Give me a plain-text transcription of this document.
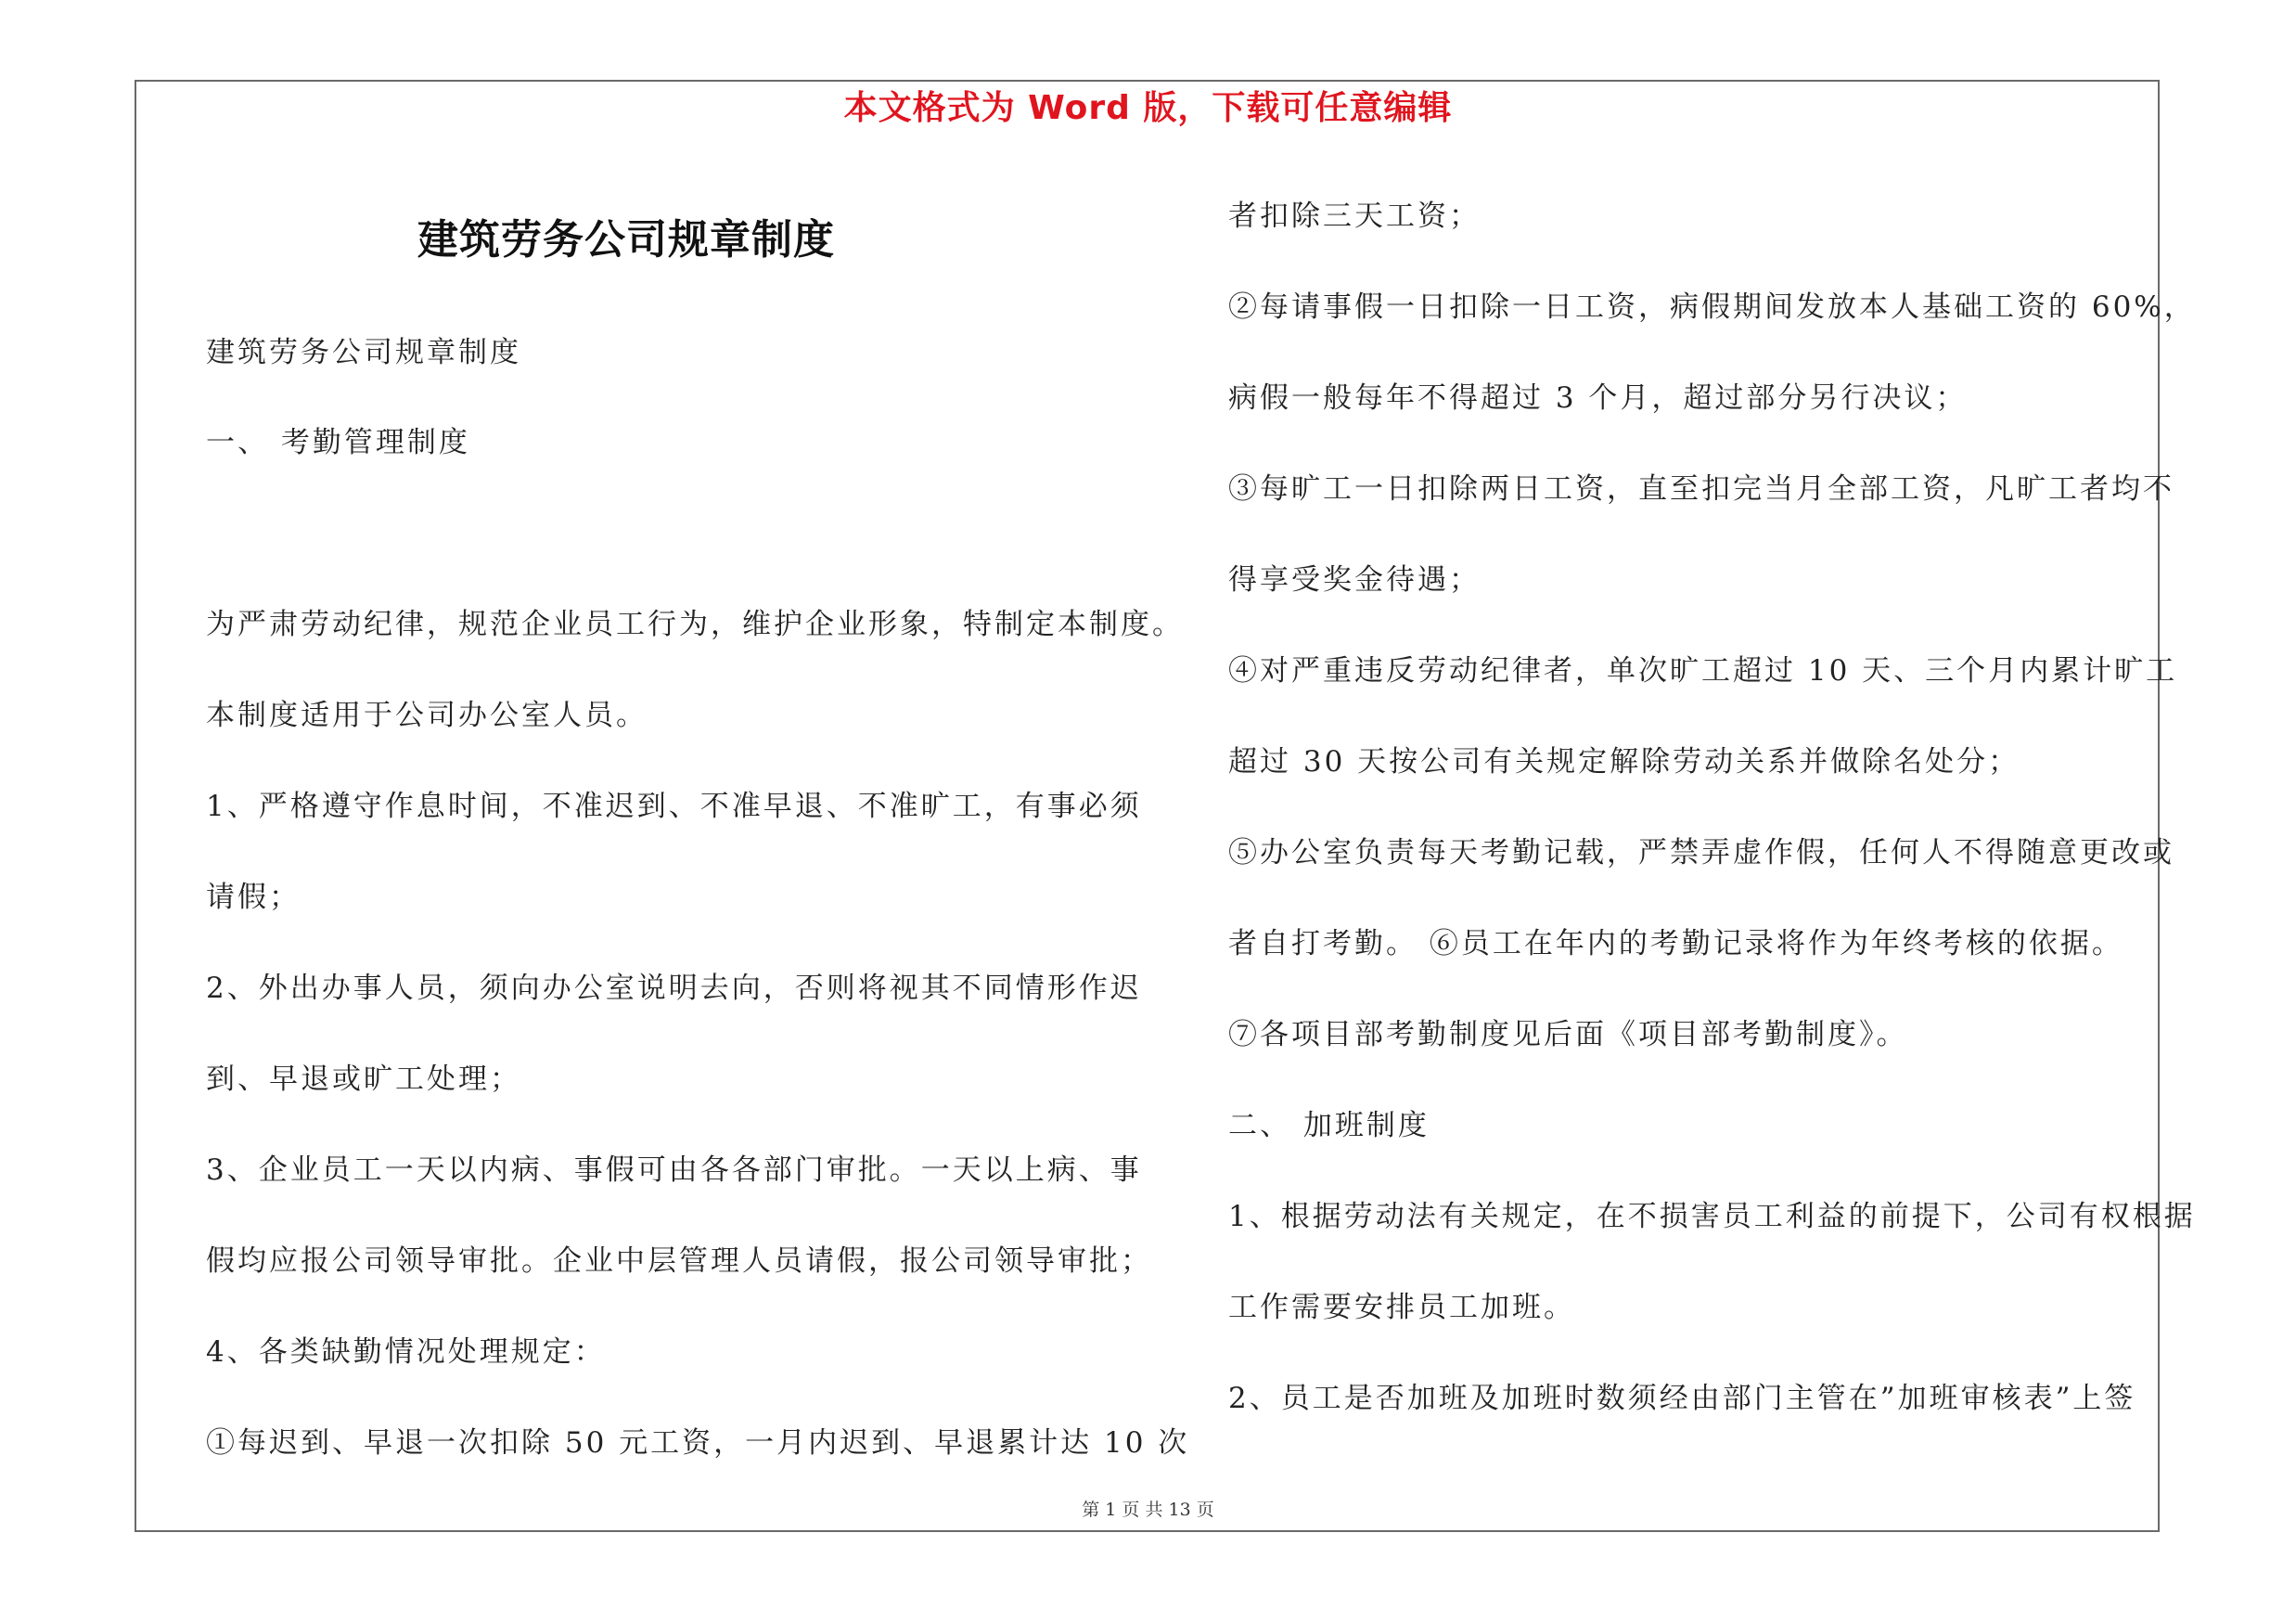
本文格式为 Word 版，下载可任意编辑
建筑劳务公司规章制度
建筑劳务公司规章制度
一、 考勤管理制度
为严肃劳动纪律，规范企业员工行为，维护企业形象，特制定本制度。
本制度适用于公司办公室人员。
1、严格遵守作息时间，不准迟到、不准早退、不准旷工，有事必须
请假；
2、外出办事人员，须向办公室说明去向，否则将视其不同情形作迟
到、早退或旷工处理；
3、企业员工一天以内病、事假可由各各部门审批。一天以上病、事
假均应报公司领导审批。企业中层管理人员请假，报公司领导审批；
4、各类缺勤情况处理规定：
①每迟到、早退一次扣除 50 元工资，一月内迟到、早退累计达 10 次
者扣除三天工资；
②每请事假一日扣除一日工资，病假期间发放本人基础工资的 60%，
病假一般每年不得超过 3 个月，超过部分另行决议；
③每旷工一日扣除两日工资，直至扣完当月全部工资，凡旷工者均不
得享受奖金待遇；
④对严重违反劳动纪律者，单次旷工超过 10 天、三个月内累计旷工
超过 30 天按公司有关规定解除劳动关系并做除名处分；
⑤办公室负责每天考勤记载，严禁弄虚作假，任何人不得随意更改或
者自打考勤。 ⑥员工在年内的考勤记录将作为年终考核的依据。
⑦各项目部考勤制度见后面《项目部考勤制度》。
二、 加班制度
1、根据劳动法有关规定，在不损害员工利益的前提下，公司有权根据
工作需要安排员工加班。
2、员工是否加班及加班时数须经由部门主管在”加班审核表”上签
第 1 页 共 13 页
